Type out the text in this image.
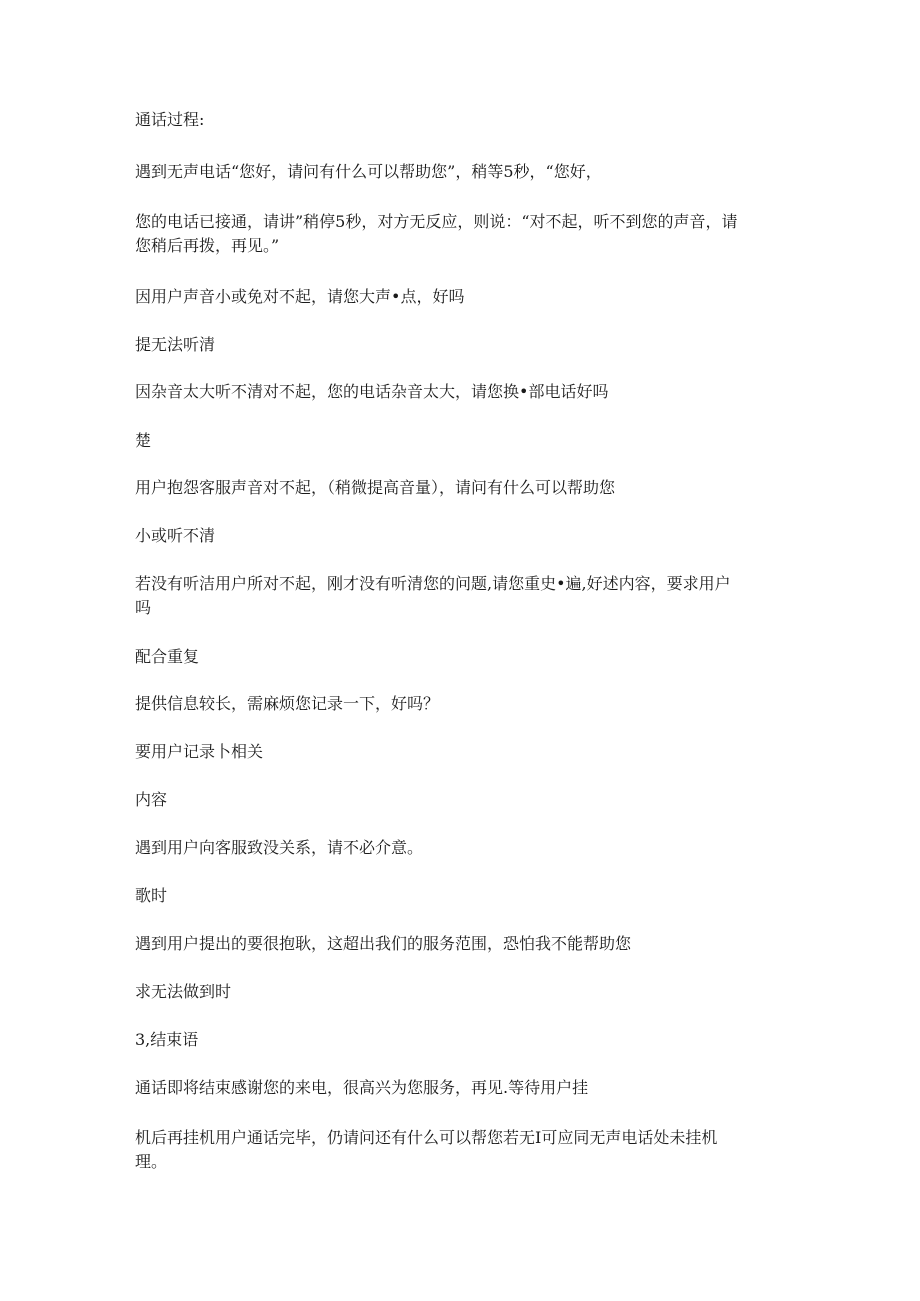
通话过程:

遇到无声电话“您好，请问有什么可以帮助您”，稍等5秒，“您好，

您的电话已接通，请讲”稍停5秒，对方无反应，则说：“对不起，听不到您的声音，请您稍后再拨，再见。”

因用户声音小或免对不起，请您大声•点，好吗

提无法听清

因杂音太大听不清对不起，您的电话杂音太大，请您换•部电话好吗

楚

用户抱怨客服声音对不起，（稍微提高音量），请问有什么可以帮助您

小或听不清

若没有听洁用户所对不起，刚才没有听清您的问题,请您重史•遍,好述内容，要求用户吗

配合重复

提供信息较长，需麻烦您记录一下，好吗？

要用户记录卜相关

内容

遇到用户向客服致没关系，请不必介意。

歌时

遇到用户提出的要很抱耿，这超出我们的服务范围，恐怕我不能帮助您

求无法做到时

3,结束语

通话即将结束感谢您的来电，很高兴为您服务，再见.等待用户挂

机后再挂机用户通话完毕，仍请问还有什么可以帮您若无I可应同无声电话处未挂机理。
